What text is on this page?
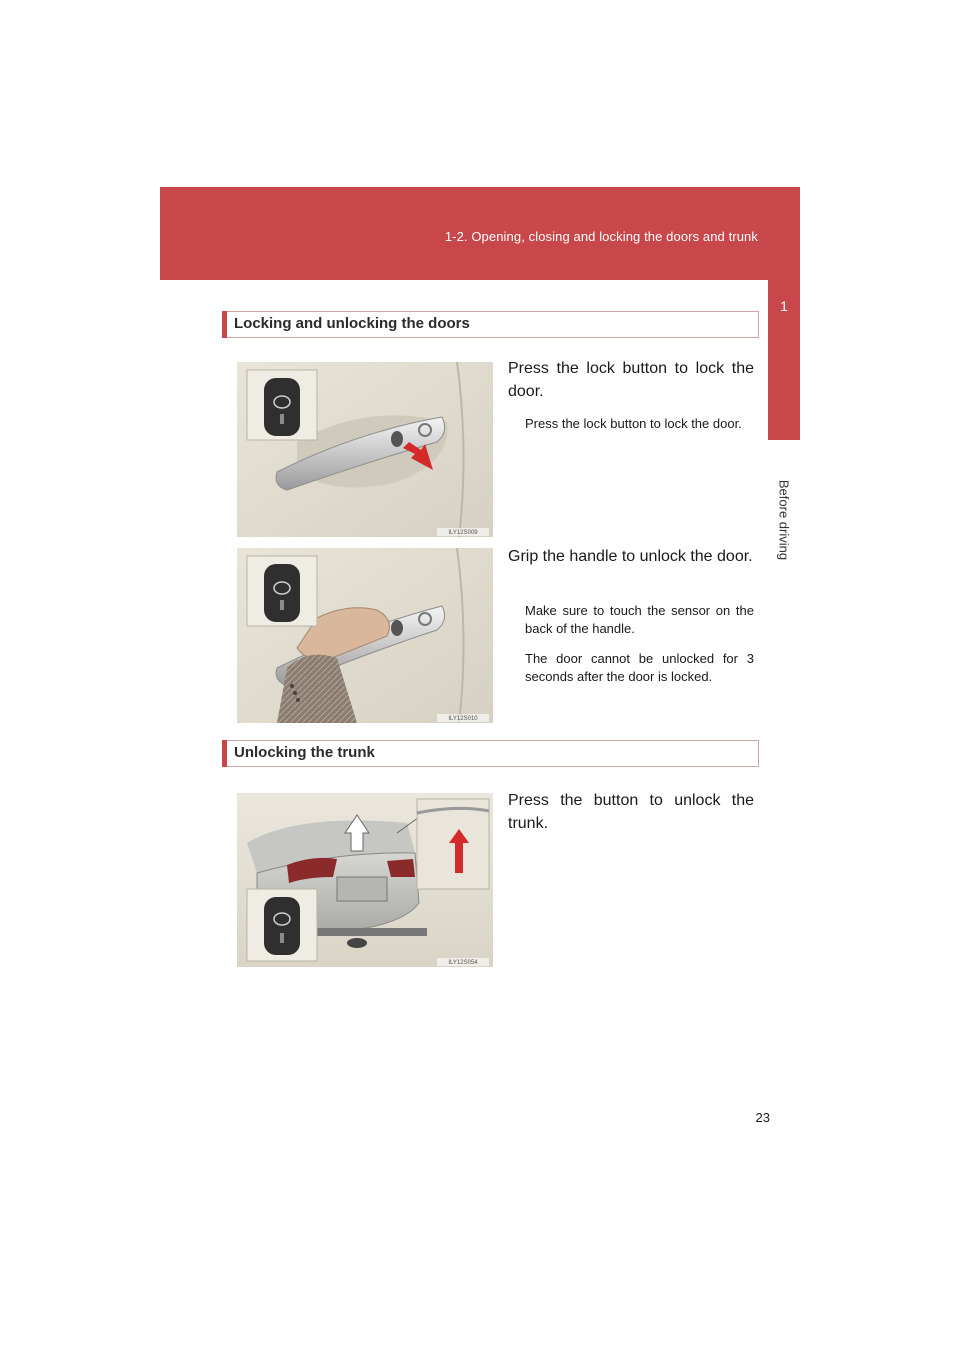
1-2. Opening, closing and locking the doors and trunk
1
Before driving
Locking and unlocking the doors
ILY12S009
Press the lock button to lock the door.
Press the lock button to lock the door.
ILY12S010
Grip the handle to unlock the door.
Make sure to touch the sensor on the back of the handle.
The door cannot be unlocked for 3 seconds after the door is locked.
Unlocking the trunk
ILY12S054
Press the button to unlock the trunk.
23
